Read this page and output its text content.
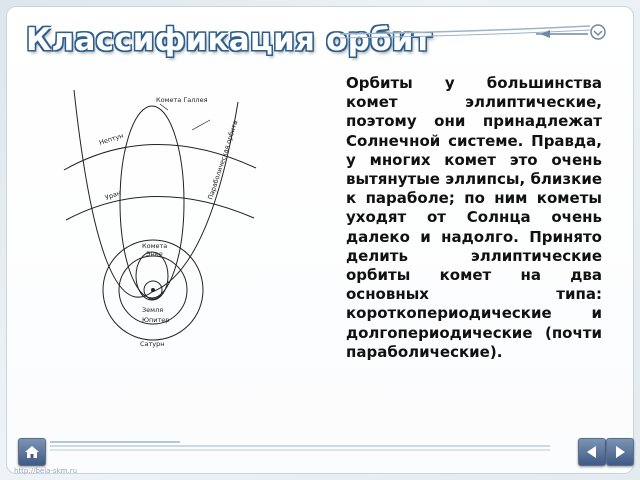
Классификация орбит
Комета Галлея
Нептун
Уран	Параболическая орбита
Комета
Энке
Земля
Юпитер
Сатурн

Орбиты у большинства комет эллиптические, поэтому они принадлежат Солнечной системе. Правда, у многих комет это очень вытянутые эллипсы, близкие к параболе; по ним кометы уходят от Солнца очень далеко и надолго. Принято делить эллиптические орбиты комет на два основных типа: короткопериодические и долгопериодические (почти параболические).

http://bela-skm.ru
